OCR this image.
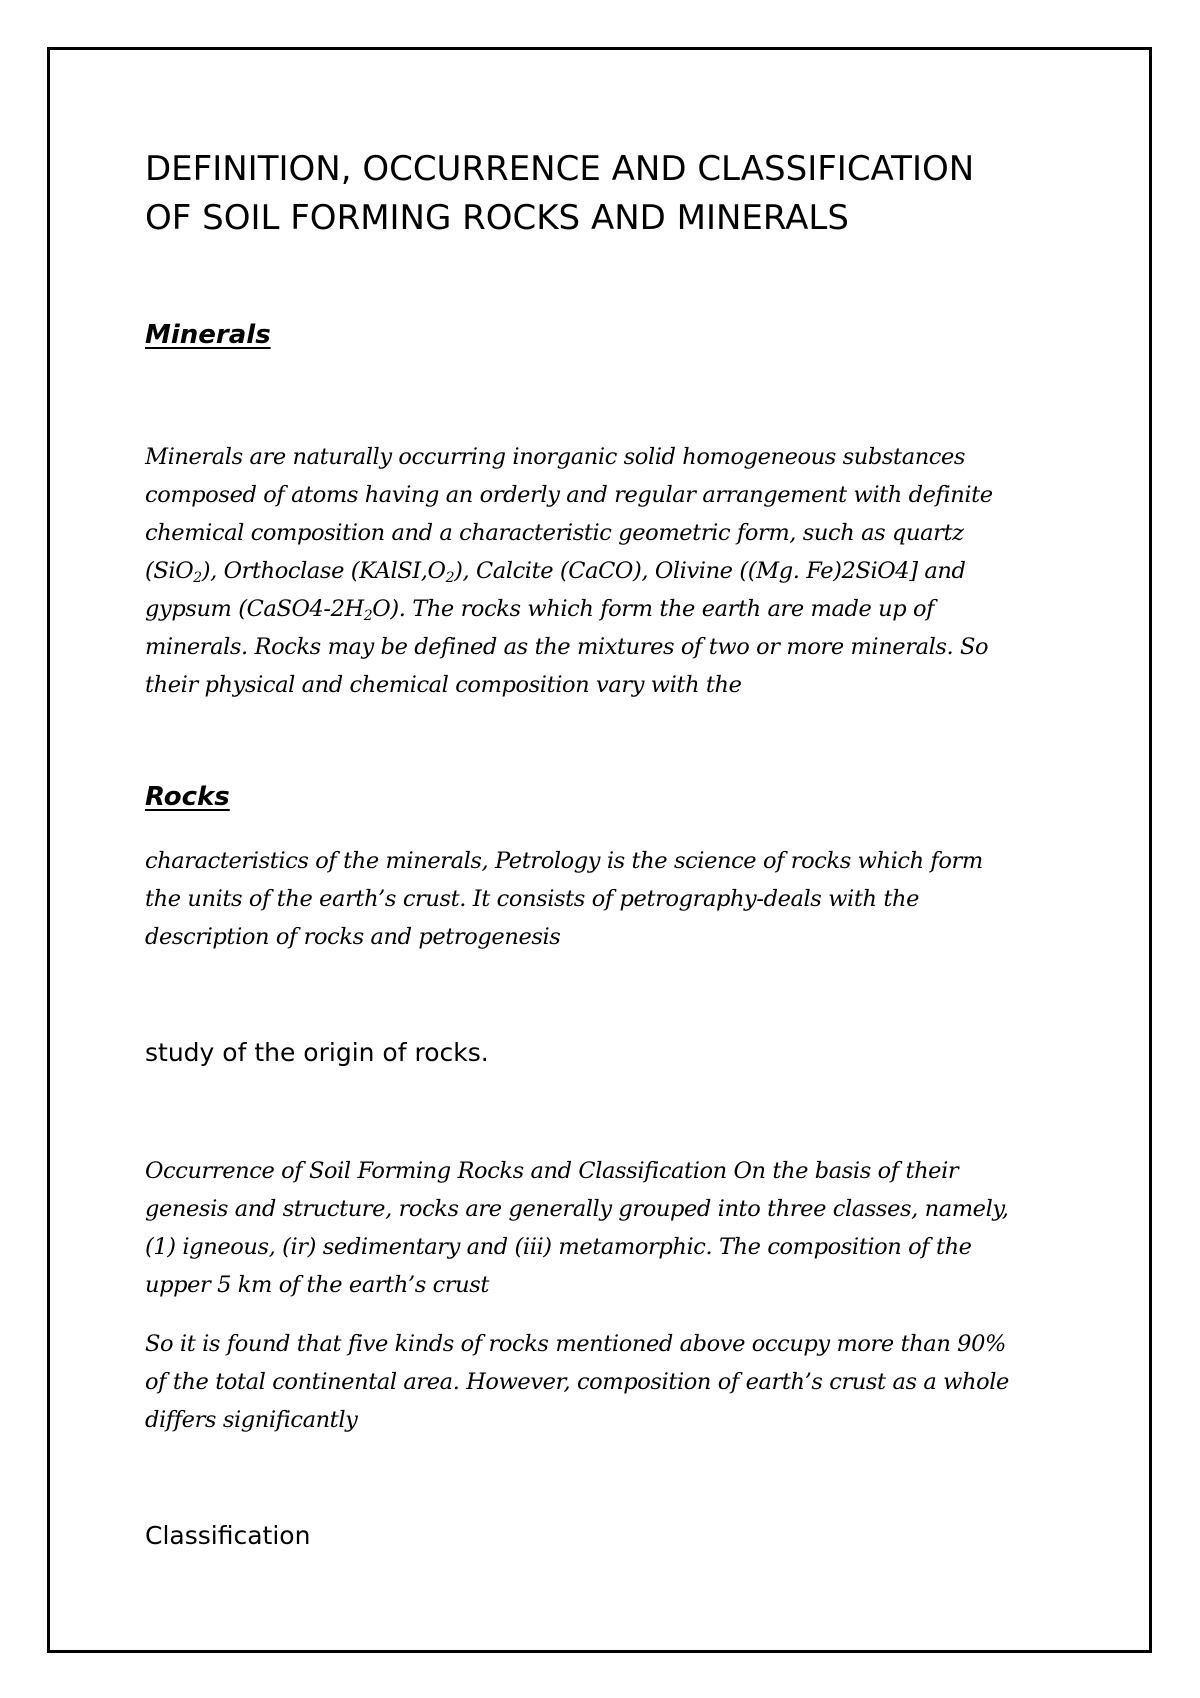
DEFINITION, OCCURRENCE AND CLASSIFICATION
OF SOIL FORMING ROCKS AND MINERALS
Minerals
Minerals are naturally occurring inorganic solid homogeneous substances
composed of atoms having an orderly and regular arrangement with definite
chemical composition and a characteristic geometric form, such as quartz
(SiO$_2$), Orthoclase $(KAlSI,O_2)$, Calcite (CaCO), Olivine ((Mg. Fe)2SiO4] and
gypsum $(CaSO4-2H_2O)$. The rocks which form the earth are made up of
minerals. Rocks may be defined as the mixtures of two or more minerals. So
their physical and chemical composition vary with the
Rocks
characteristics of the minerals, Petrology is the science of rocks which form
the units of the earth’s crust. It consists of petrography-deals with the
description of rocks and petrogenesis

study of the origin of rocks.

Occurrence of Soil Forming Rocks and Classification On the basis of their
genesis and structure, rocks are generally grouped into three classes, namely,
(1) igneous, (ir) sedimentary and (iii) metamorphic. The composition of the
upper 5 km of the earth’s crust
So it is found that five kinds of rocks mentioned above occupy more than 90%
of the total continental area. However, composition of earth’s crust as a whole
differs significantly

Classification
